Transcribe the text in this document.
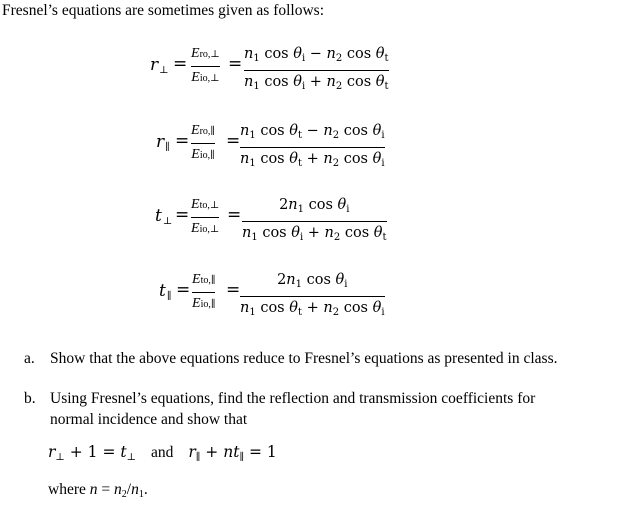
Fresnel’s equations are sometimes given as follows:
$r_\perp$ =
Ero,⊥
Eio,⊥
= $n_1$ $\cos \theta_i - n_2$ $\cos \theta_t$
$n_1$ $\cos \theta_i + n_2$ $\cos \theta_t$
$r_\parallel$ =
Ero,∥
Eio,∥
= $n_1$ $\cos \theta_t - n_2$ $\cos \theta_i$
$n_1$ $\cos \theta_t + n_2$ $\cos \theta_i$
$t_\perp$ =
Eto,⊥
Eio,⊥
=	$2n_1$ $\cos \theta_i$
$n_1$ $\cos \theta_i + n_2$ $\cos \theta_t$
$t_\parallel$ =
Eto,∥
Eio,∥
=	$2n_1$ $\cos \theta_i$
$n_1$ $\cos \theta_t + n_2$ $\cos \theta_i$
a. Show that the above equations reduce to Fresnel’s equations as presented in class.
b. Using Fresnel’s equations, find the reflection and transmission coefficients for
normal incidence and show that
r⊥ + 1 = t⊥ and r∥ + nt∥ = 1
where n = n2/n1.
